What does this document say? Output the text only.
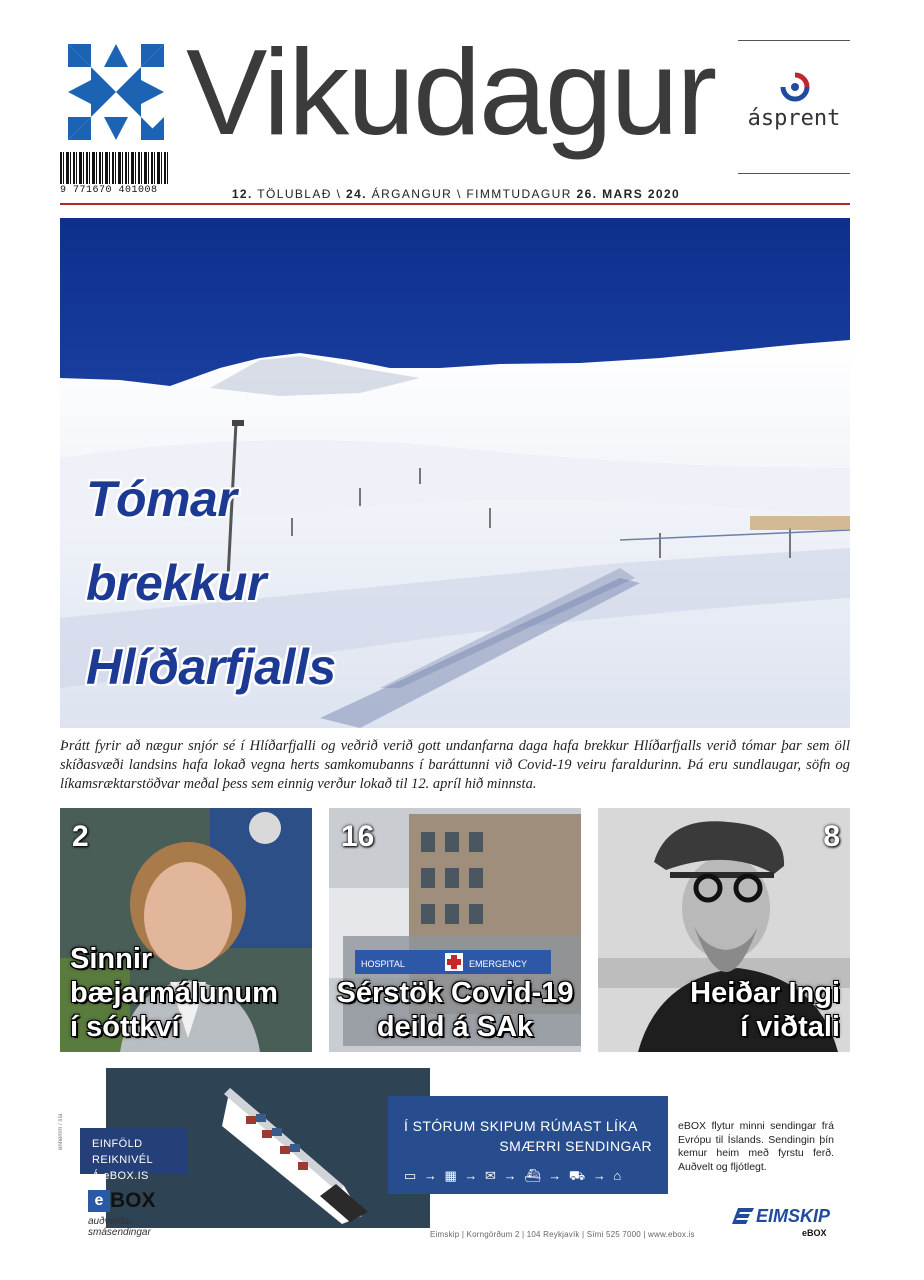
9 771670 401008
Vikudagur	ásprent
12. TÖLUBLAÐ \ 24. ÁRGANGUR \ FIMMTUDAGUR 26. MARS 2020
Tómar
brekkur
Hlíðarfjalls
Þrátt fyrir að nægur snjór sé í Hlíðarfjalli og veðrið verið gott undanfarna daga hafa brekkur Hlíðarfjalls verið tómar þar sem öll skíðasvæði landsins hafa lokað vegna herts samkomubanns í baráttunni við Covid-19 veiru faraldurinn. Þá eru sundlaugar, söfn og líkamsræktarstöðvar meðal þess sem einnig verður lokað til 12. apríl hið minnsta.
2
Sinnir
bæjarmálunum
í sóttkví
HOSPITAL	EMERGENCY
16
Sérstök Covid-19
deild á SAk
8
Heiðar Ingi
í viðtali
EINFÖLD REIKNIVÉL
Á eBOX.IS
Í STÓRUM SKIPUM RÚMAST LÍKA
SMÆRRI SENDINGAR
▭ → ▦ → ✉ → ⛴ → ⛟ → ⌂
eBOX flytur minni sendingar frá Evrópu til Íslands. Sendingin þín kemur heim með fyrstu ferð. Auðvelt og fljótlegt.
e BOX
auðveldar smásendingar	Eimskip | Korngörðum 2 | 104 Reykjavík | Sími 525 7000 | www.ebox.is
EIMSKIP
eBOX
ennemm / sía
